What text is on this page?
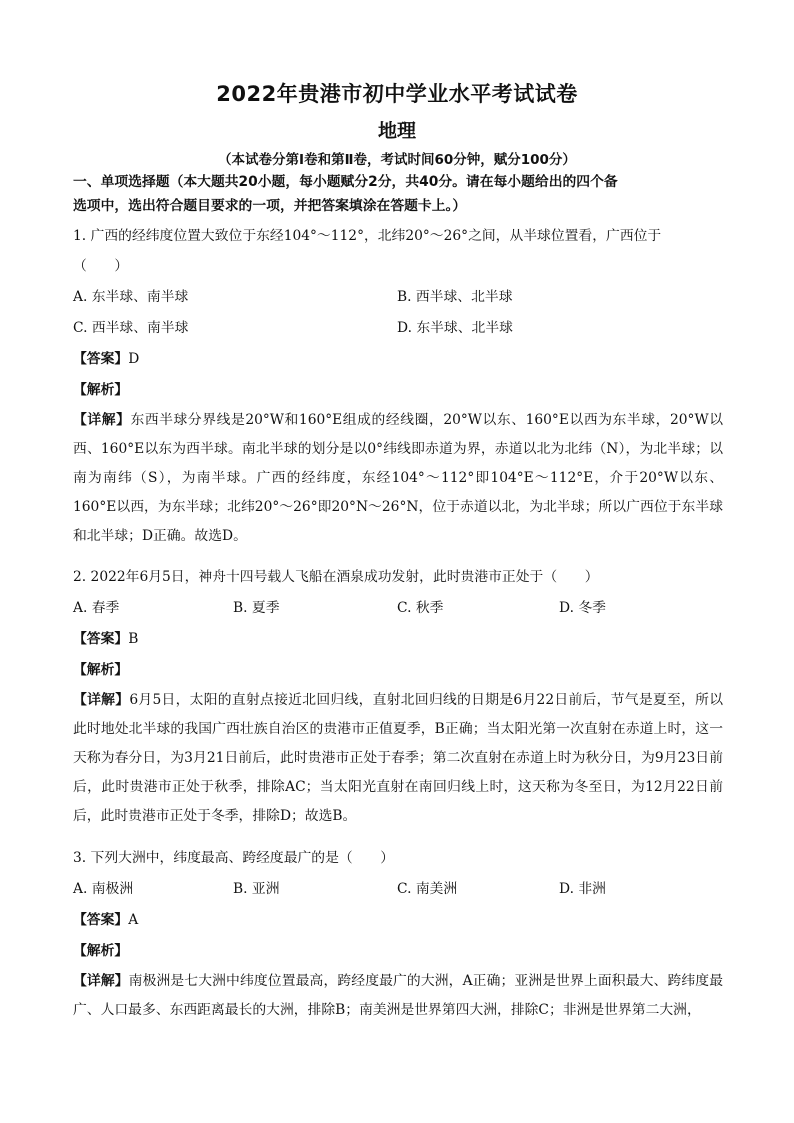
2022年贵港市初中学业水平考试试卷
地理
（本试卷分第Ⅰ卷和第Ⅱ卷，考试时间60分钟，赋分100分）
一、单项选择题（本大题共20小题，每小题赋分2分，共40分。请在每小题给出的四个备
选项中，选出符合题目要求的一项，并把答案填涂在答题卡上。）
1. 广西的经纬度位置大致位于东经104°～112°，北纬20°～26°之间，从半球位置看，广西位于
（　　）
A. 东半球、南半球	B. 西半球、北半球
C. 西半球、南半球	D. 东半球、北半球
【答案】D
【解析】
【详解】东西半球分界线是20°W和160°E组成的经线圈，20°W以东、160°E以西为东半球，20°W以西、160°E以东为西半球。南北半球的划分是以0°纬线即赤道为界，赤道以北为北纬（N），为北半球；以南为南纬（S），为南半球。广西的经纬度，东经104°～112°即104°E～112°E，介于20°W以东、160°E以西，为东半球；北纬20°～26°即20°N～26°N，位于赤道以北，为北半球；所以广西位于东半球和北半球；D正确。故选D。
2. 2022年6月5日，神舟十四号载人飞船在酒泉成功发射，此时贵港市正处于（　　）
A. 春季	B. 夏季	C. 秋季	D. 冬季
【答案】B
【解析】
【详解】6月5日，太阳的直射点接近北回归线，直射北回归线的日期是6月22日前后，节气是夏至，所以此时地处北半球的我国广西壮族自治区的贵港市正值夏季，B正确；当太阳光第一次直射在赤道上时，这一天称为春分日，为3月21日前后，此时贵港市正处于春季；第二次直射在赤道上时为秋分日，为9月23日前后，此时贵港市正处于秋季，排除AC；当太阳光直射在南回归线上时，这天称为冬至日，为12月22日前后，此时贵港市正处于冬季，排除D；故选B。
3. 下列大洲中，纬度最高、跨经度最广的是（　　）
A. 南极洲	B. 亚洲	C. 南美洲	D. 非洲
【答案】A
【解析】
【详解】南极洲是七大洲中纬度位置最高，跨经度最广的大洲，A正确；亚洲是世界上面积最大、跨纬度最广、人口最多、东西距离最长的大洲，排除B；南美洲是世界第四大洲，排除C；非洲是世界第二大洲，
